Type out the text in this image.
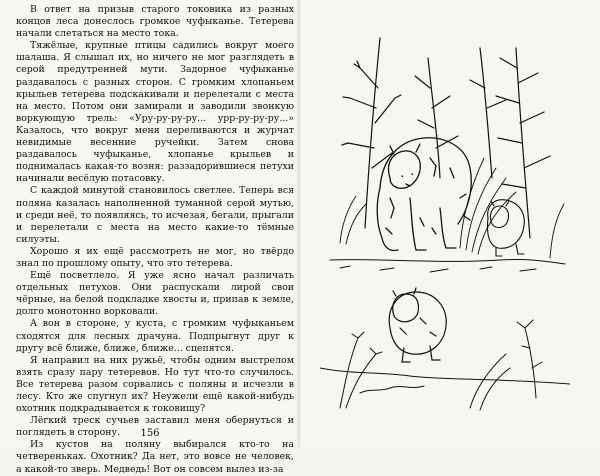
В ответ на призыв старого токовика из разных концов леса донеслось громкое чуфыканье. Тетерева начали слетаться на место тока.

Тяжёлые, крупные птицы садились вокруг моего шалаша. Я слышал их, но ничего не мог разглядеть в серой предутренней мути. Задорное чуфыканье раздавалось с разных сторон. С громким хлопаньем крыльев тетерева подскакивали и перелетали с места на место. Потом они замирали и заводили звонкую воркующую трель: «Уру-ру-ру-ру... урр-ру-ру-ру...» Казалось, что вокруг меня переливаются и журчат невидимые весенние ручейки. Затем снова раздавалось чуфыканье, хлопанье крыльев и поднималась какая-то возня: раззадорившиеся петухи начинали весёлую потасовку.

С каждой минутой становилось светлее. Теперь вся поляна казалась наполненной туманной серой мутью, и среди неё, то появляясь, то исчезая, бегали, прыгали и перелетали с места на место какие-то тёмные силуэты.

Хорошо я их ещё рассмотреть не мог, но твёрдо знал по прошлому опыту, что это тетерева.

Ещё посветлело. Я уже ясно начал различать отдельных петухов. Они распускали лирой свои чёрные, на белой подкладке хвосты и, припав к земле, долго монотонно ворковали.

А вон в стороне, у куста, с громким чуфыканьем сходятся для лесных драчуна. Подпрыгнут друг к другу всё ближе, ближе, ближе... сцепятся.

Я направил на них ружьё, чтобы одним выстрелом взять сразу пару тетеревов. Но тут что-то случилось. Все тетерева разом сорвались с поляны и исчезли в лесу. Кто же спугнул их? Неужели ещё какой-нибудь охотник подкрадывается к токовищу?

Лёгкий треск сучьев заставил меня обернуться и поглядеть в сторону.

Из кустов на поляну выбирался кто-то на четвереньках. Охотник? Да нет, это вовсе не человек, а какой-то зверь. Медведь! Вот он совсем вылез из-за

156
